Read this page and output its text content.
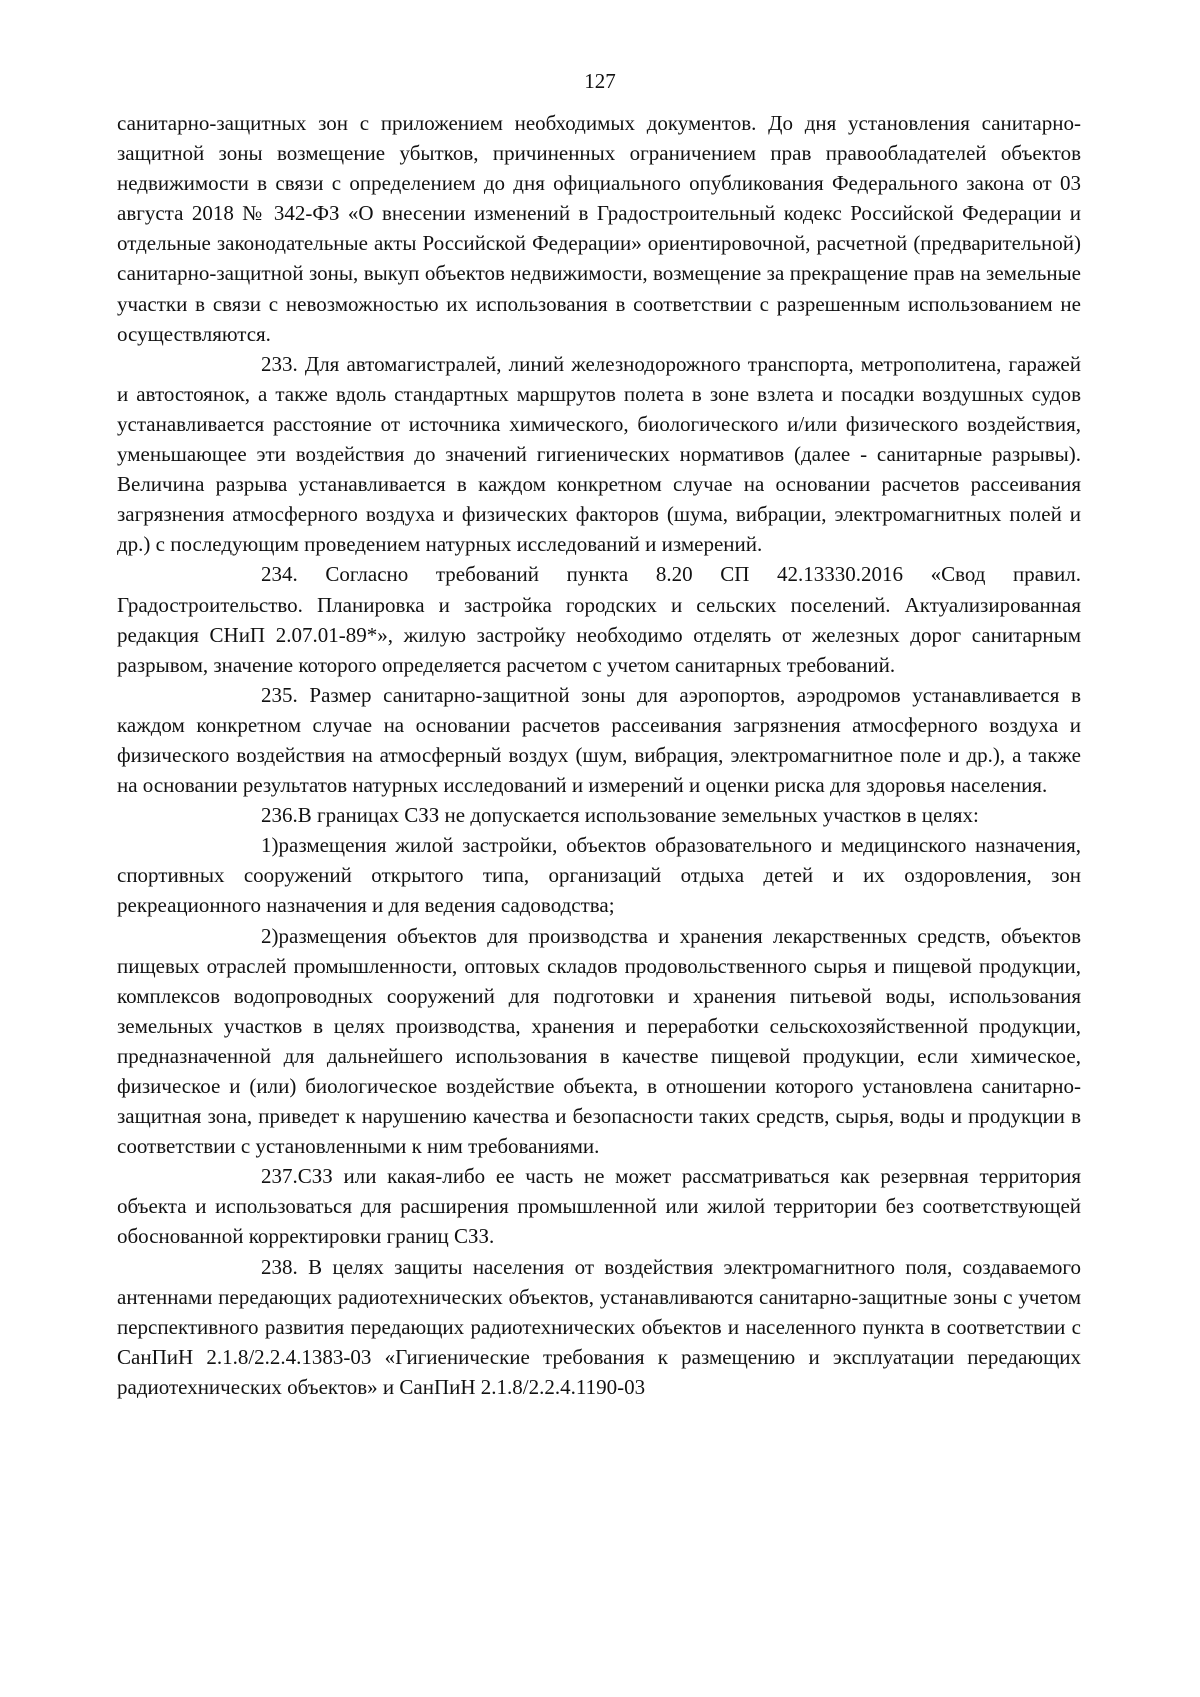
127

санитарно-защитных зон с приложением необходимых документов. До дня установления санитарно-защитной зоны возмещение убытков, причиненных ограничением прав правообладателей объектов недвижимости в связи с определением до дня официального опубликования Федерального закона от 03 августа 2018 № 342-ФЗ «О внесении изменений в Градостроительный кодекс Российской Федерации и отдельные законодательные акты Российской Федерации» ориентировочной, расчетной (предварительной) санитарно-защитной зоны, выкуп объектов недвижимости, возмещение за прекращение прав на земельные участки в связи с невозможностью их использования в соответствии с разрешенным использованием не осуществляются.

233. Для автомагистралей, линий железнодорожного транспорта, метрополитена, гаражей и автостоянок, а также вдоль стандартных маршрутов полета в зоне взлета и посадки воздушных судов устанавливается расстояние от источника химического, биологического и/или физического воздействия, уменьшающее эти воздействия до значений гигиенических нормативов (далее - санитарные разрывы). Величина разрыва устанавливается в каждом конкретном случае на основании расчетов рассеивания загрязнения атмосферного воздуха и физических факторов (шума, вибрации, электромагнитных полей и др.) с последующим проведением натурных исследований и измерений.

234. Согласно требований пункта 8.20 СП 42.13330.2016 «Свод правил. Градостроительство. Планировка и застройка городских и сельских поселений. Актуализированная редакция СНиП 2.07.01-89*», жилую застройку необходимо отделять от железных дорог санитарным разрывом, значение которого определяется расчетом с учетом санитарных требований.

235. Размер санитарно-защитной зоны для аэропортов, аэродромов устанавливается в каждом конкретном случае на основании расчетов рассеивания загрязнения атмосферного воздуха и физического воздействия на атмосферный воздух (шум, вибрация, электромагнитное поле и др.), а также на основании результатов натурных исследований и измерений и оценки риска для здоровья населения.

236.В границах СЗЗ не допускается использование земельных участков в целях:

1)размещения жилой застройки, объектов образовательного и медицинского назначения, спортивных сооружений открытого типа, организаций отдыха детей и их оздоровления, зон рекреационного назначения и для ведения садоводства;

2)размещения объектов для производства и хранения лекарственных средств, объектов пищевых отраслей промышленности, оптовых складов продовольственного сырья и пищевой продукции, комплексов водопроводных сооружений для подготовки и хранения питьевой воды, использования земельных участков в целях производства, хранения и переработки сельскохозяйственной продукции, предназначенной для дальнейшего использования в качестве пищевой продукции, если химическое, физическое и (или) биологическое воздействие объекта, в отношении которого установлена санитарно-защитная зона, приведет к нарушению качества и безопасности таких средств, сырья, воды и продукции в соответствии с установленными к ним требованиями.

237.СЗЗ или какая-либо ее часть не может рассматриваться как резервная территория объекта и использоваться для расширения промышленной или жилой территории без соответствующей обоснованной корректировки границ СЗЗ.

238. В целях защиты населения от воздействия электромагнитного поля, создаваемого антеннами передающих радиотехнических объектов, устанавливаются санитарно-защитные зоны с учетом перспективного развития передающих радиотехнических объектов и населенного пункта в соответствии с СанПиН 2.1.8/2.2.4.1383-03 «Гигиенические требования к размещению и эксплуатации передающих радиотехнических объектов» и СанПиН 2.1.8/2.2.4.1190-03
